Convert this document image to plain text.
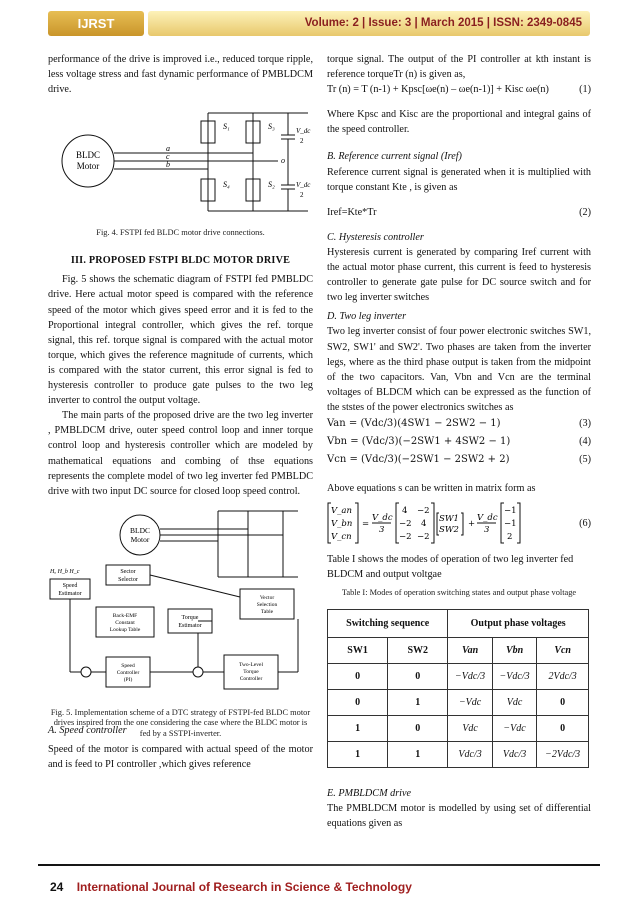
IJRST	Volume: 2 | Issue: 3 | March 2015 | ISSN: 2349-0845

performance of the drive is improved i.e., reduced torque ripple, less voltage stress and fast dynamic performance of PMBLDCM drive.

BLDC
Motor
a
c
b
S₁
S₄
S₃
S₂
o
V_dc
2
V_dc
2
Fig. 4. FSTPI fed BLDC motor drive connections.
III. PROPOSED FSTPI BLDC MOTOR DRIVE

Fig. 5 shows the schematic diagram of FSTPI fed PMBLDC drive. Here actual motor speed is compared with the reference speed of the motor which gives speed error and it is fed to the Proportional integral controller, which gives the ref. torque signal, this ref. torque signal is compared with the actual motor torque, which gives the reference magnitude of currents, which is compared with the stator current, this error signal is fed to hysteresis controller to produce gate pulses to the two leg inverter to control the output voltage.

The main parts of the proposed drive are the two leg inverter , PMBLDCM drive, outer speed control loop and inner torque control loop and hysteresis controller which are modeled by mathematical equations and combing of thse equations represents the complete model of two leg inverter fed PMBLDC drive with two input DC source for closed loop speed control.

BLDC
Motor
Sector
Selector
Speed
Estimator
Hₐ H_b H_c
Back-EMF
Constant
Lookup Table
Torque
Estimator
Vector
Selection
Table
Speed
Controller
(PI)
Two-Level
Torque
Controller
Fig. 5. Implementation scheme of a DTC strategy of FSTPI-fed BLDC motor drives inspired from the one considering the case where the BLDC motor is fed by a SSTPI-inverter.

A. Speed controller

Speed of the motor is compared with actual speed of the motor and is feed to PI controller ,which gives reference

torque signal. The output of the PI controller at kth instant is reference torqueTr (n) is given as,

Tr (n) = T (n-1) + Kpsc[ωe(n) – ωe(n-1)] + Kisc ωe(n)	(1)

Where Kpsc and Kisc are the proportional and integral gains of the speed controller.

B. Reference current signal (Iref)

Reference current signal is generated when it is multiplied with torque constant Kte , is given as

Iref=Kte*Tr	(2)

C. Hysteresis controller

Hysteresis current is generated by comparing Iref current with the actual motor phase current, this current is feed to hysteresis controller to generate gate pulse for DC source switch and for two leg inverter switches

D. Two leg inverter

Two leg inverter consist of four power electronic switches SW1, SW2, SW1' and SW2'. Two phases are taken from the inverter legs, where as the third phase output is taken from the midpoint of the two capacitors. Van, Vbn and Vcn are the terminal voltages of BLDCM which can be expressed as the function of the ststes of the power electronics switches as

Van = (Vdc/3)(4SW1 − 2SW2 − 1)	(3)
Vbn = (Vdc/3)(−2SW1 + 4SW2 − 1)	(4)
Vcn = (Vdc/3)(−2SW1 − 2SW2 + 2)	(5)

Above equations s can be written in matrix form as

V_an
V_bn
V_cn
=
V_dc
3
4 −2
−2 4
−2 −2
SW1
SW2
+
V_dc
3
−1
−1
2
(6)

Table I shows the modes of operation of two leg inverter fed BLDCM and output voltgae

Table I: Modes of operation switching states and output phase voltage
Switching sequence		Output phase voltages		
SW1	SW2	Van	Vbn	Vcn
0	0	−Vdc/3	−Vdc/3	2Vdc/3
0	1	−Vdc	Vdc	0
1	0	Vdc	−Vdc	0
1	1	Vdc/3	Vdc/3	−2Vdc/3

E. PMBLDCM drive

The PMBLDCM motor is modelled by using set of differential equations given as

24 International Journal of Research in Science & Technology
